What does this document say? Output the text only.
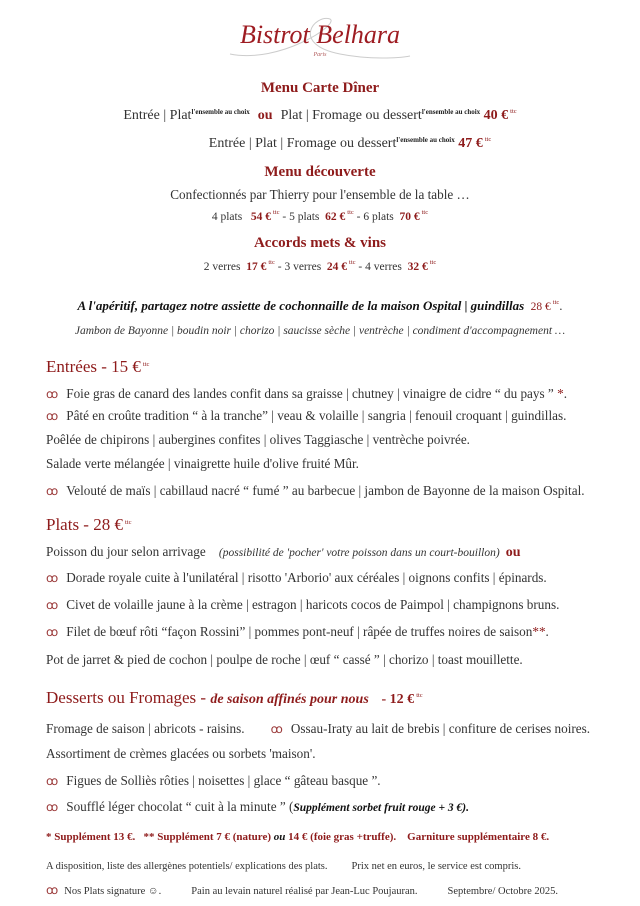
Bistrot Belhara
Paris
Menu Carte Dîner
Entrée | Plat$^{l'ensemble au choix}$ ou Plat | Fromage ou dessert$^{l'ensemble au choix}$ 40 € $^{ttc}$
Entrée | Plat | Fromage ou dessert$^{l'ensemble au choix}$ 47 € $^{ttc}$
Menu découverte
Confectionnés par Thierry pour l'ensemble de la table …
4 plats 54 € $^{ttc}$ - 5 plats 62 € $^{ttc}$ - 6 plats 70 € $^{ttc}$
Accords mets & vins
2 verres 17 € $^{ttc}$ - 3 verres 24 € $^{ttc}$ - 4 verres 32 € $^{ttc}$
A l'apéritif, partagez notre assiette de cochonnaille de la maison Ospital | guindillas 28 € $^{ttc}$.
Jambon de Bayonne | boudin noir | chorizo | saucisse sèche | ventrèche | condiment d'accompagnement …
Entrées - 15 € $^{ttc}$
ꝏ Foie gras de canard des landes confit dans sa graisse | chutney | vinaigre de cidre “ du pays ” *.
ꝏ Pâté en croûte tradition “ à la tranche” | veau & volaille | sangria | fenouil croquant | guindillas.
Poêlée de chipirons | aubergines confites | olives Taggiasche | ventrèche poivrée.
Salade verte mélangée | vinaigrette huile d'olive fruité Mûr.
ꝏ Velouté de maïs | cabillaud nacré “ fumé ” au barbecue | jambon de Bayonne de la maison Ospital.
Plats - 28 € $^{ttc}$
Poisson du jour selon arrivage (possibilité de 'pocher' votre poisson dans un court-bouillon) ou
ꝏ Dorade royale cuite à l'unilatéral | risotto 'Arborio' aux céréales | oignons confits | épinards.
ꝏ Civet de volaille jaune à la crème | estragon | haricots cocos de Paimpol | champignons bruns.
ꝏ Filet de bœuf rôti “façon Rossini” | pommes pont-neuf | râpée de truffes noires de saison**.
Pot de jarret & pied de cochon | poulpe de roche | œuf “ cassé ” | chorizo | toast mouillette.
Desserts ou Fromages - de saison affinés pour nous - 12 € $^{ttc}$
Fromage de saison | abricots - raisins. ꝏ Ossau-Iraty au lait de brebis | confiture de cerises noires.
Assortiment de crèmes glacées ou sorbets 'maison'.
ꝏ Figues de Solliès rôties | noisettes | glace “ gâteau basque ”.
ꝏ Soufflé léger chocolat “ cuit à la minute ” (Supplément sorbet fruit rouge + 3 €).
* Supplément 13 €. ** Supplément 7 € (nature) ou 14 € (foie gras +truffe). Garniture supplémentaire 8 €.
A disposition, liste des allergènes potentiels/ explications des plats. Prix net en euros, le service est compris.
ꝏ Nos Plats signature ☺.	Pain au levain naturel réalisé par Jean-Luc Poujauran.	Septembre/ Octobre 2025.
